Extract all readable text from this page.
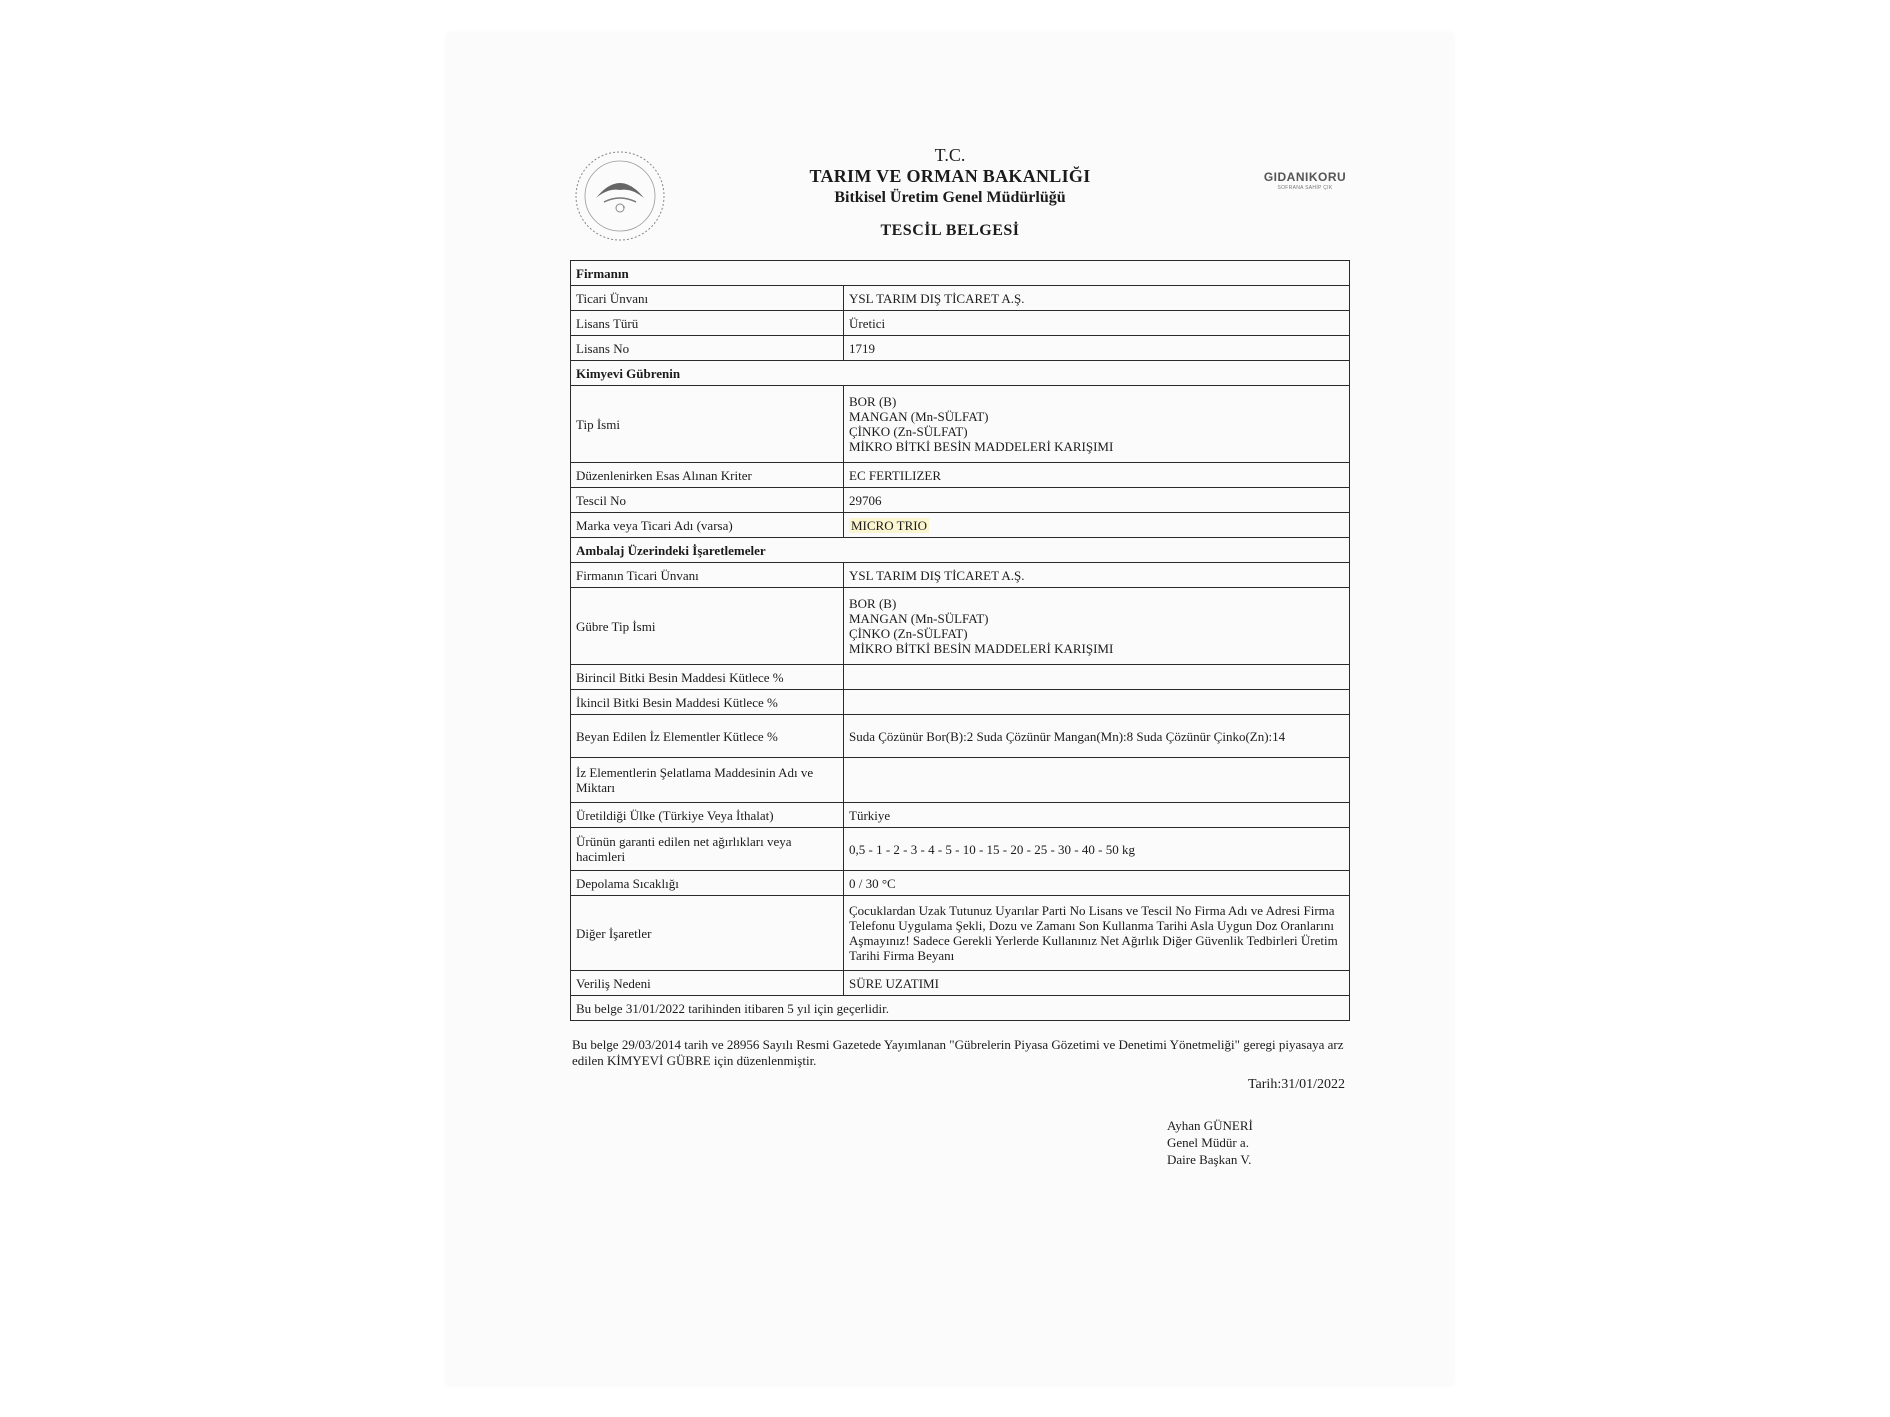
T.C.
TARIM VE ORMAN BAKANLIĞI
Bitkisel Üretim Genel Müdürlüğü
TESCİL BELGESİ
GIDANIKORU
SOFRANA SAHİP ÇIK
Firmanın	
Ticari Ünvanı	YSL TARIM DIŞ TİCARET A.Ş.
Lisans Türü	Üretici
Lisans No	1719
Kimyevi Gübrenin	
Tip İsmi	BOR (B)
MANGAN (Mn-SÜLFAT)
ÇİNKO (Zn-SÜLFAT)
MİKRO BİTKİ BESİN MADDELERİ KARIŞIMI

Düzenlenirken Esas Alınan Kriter	EC FERTILIZER
Tescil No	29706
Marka veya Ticari Adı (varsa)	MICRO TRIO
Ambalaj Üzerindeki İşaretlemeler	
Firmanın Ticari Ünvanı	YSL TARIM DIŞ TİCARET A.Ş.
Gübre Tip İsmi	BOR (B)
MANGAN (Mn-SÜLFAT)
ÇİNKO (Zn-SÜLFAT)
MİKRO BİTKİ BESİN MADDELERİ KARIŞIMI

Birincil Bitki Besin Maddesi Kütlece %	
İkincil Bitki Besin Maddesi Kütlece %	
Beyan Edilen İz Elementler Kütlece %	Suda Çözünür Bor(B):2 Suda Çözünür Mangan(Mn):8 Suda Çözünür Çinko(Zn):14
İz Elementlerin Şelatlama Maddesinin Adı ve Miktarı	
Üretildiği Ülke (Türkiye Veya İthalat)	Türkiye
Ürünün garanti edilen net ağırlıkları veya hacimleri	0,5 - 1 - 2 - 3 - 4 - 5 - 10 - 15 - 20 - 25 - 30 - 40 - 50 kg
Depolama Sıcaklığı	0 / 30 °C
Diğer İşaretler	Çocuklardan Uzak Tutunuz Uyarılar Parti No Lisans ve Tescil No Firma Adı ve Adresi Firma Telefonu Uygulama Şekli, Dozu ve Zamanı Son Kullanma Tarihi Asla Uygun Doz Oranlarını Aşmayınız! Sadece Gerekli Yerlerde Kullanınız Net Ağırlık Diğer Güvenlik Tedbirleri Üretim Tarihi Firma Beyanı
Veriliş Nedeni	SÜRE UZATIMI
Bu belge 31/01/2022 tarihinden itibaren 5 yıl için geçerlidir.	
Bu belge 29/03/2014 tarih ve 28956 Sayılı Resmi Gazetede Yayımlanan "Gübrelerin Piyasa Gözetimi ve Denetimi Yönetmeliği" geregi piyasaya arz edilen KİMYEVİ GÜBRE için düzenlenmiştir.
Tarih:31/01/2022
Ayhan GÜNERİ
Genel Müdür a.
Daire Başkan V.
